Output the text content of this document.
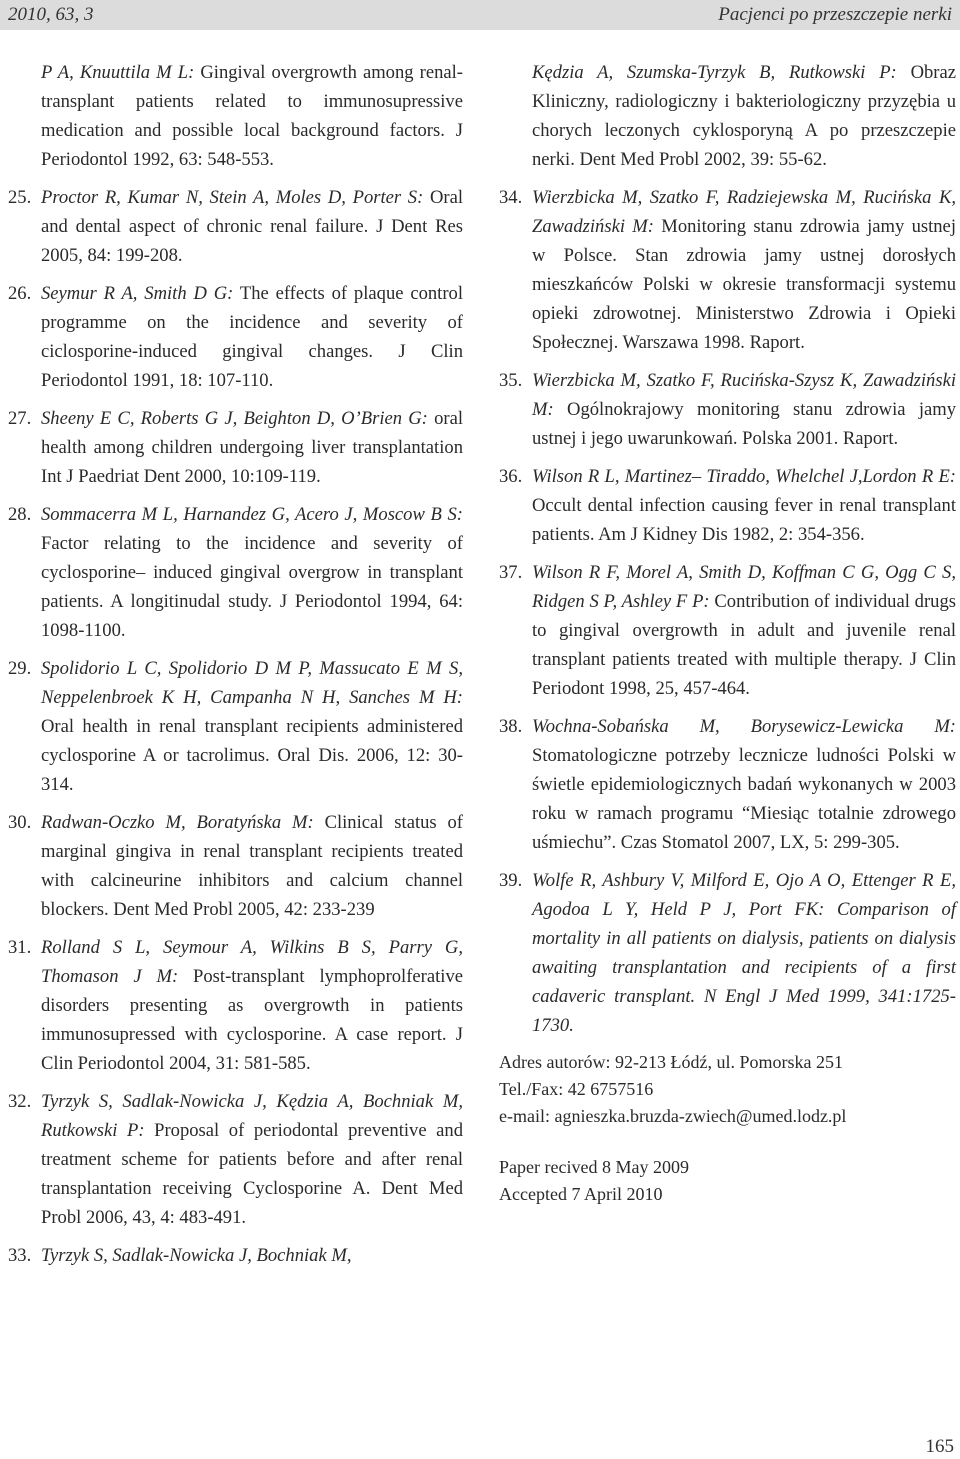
2010, 63, 3	Pacjenci po przeszczepie nerki
P A, Knuuttila M L: Gingival overgrowth among renal-transplant patients related to immunosupressive medication and possible local background factors. J Periodontol 1992, 63: 548-553.
25. Proctor R, Kumar N, Stein A, Moles D, Porter S: Oral and dental aspect of chronic renal failure. J Dent Res 2005, 84: 199-208.
26. Seymur R A, Smith D G: The effects of plaque control programme on the incidence and severity of ciclosporine-induced gingival changes. J Clin Periodontol 1991, 18: 107-110.
27. Sheeny E C, Roberts G J, Beighton D, O’Brien G: oral health among children undergoing liver transplantation Int J Paedriat Dent 2000, 10:109-119.
28. Sommacerra M L, Harnandez G, Acero J, Moscow B S: Factor relating to the incidence and severity of cyclosporine– induced gingival overgrow in transplant patients. A longitinudal study. J Periodontol 1994, 64: 1098-1100.
29. Spolidorio L C, Spolidorio D M P, Massucato E M S, Neppelenbroek K H, Campanha N H, Sanches M H: Oral health in renal transplant recipients administered cyclosporine A or tacrolimus. Oral Dis. 2006, 12: 30-314.
30. Radwan-Oczko M, Boratyńska M: Clinical status of marginal gingiva in renal transplant recipients treated with calcineurine inhibitors and calcium channel blockers. Dent Med Probl 2005, 42: 233-239
31. Rolland S L, Seymour A, Wilkins B S, Parry G, Thomason J M: Post-transplant lymphoprolferative disorders presenting as overgrowth in patients immunosupressed with cyclosporine. A case report. J Clin Periodontol 2004, 31: 581-585.
32. Tyrzyk S, Sadlak-Nowicka J, Kędzia A, Bochniak M, Rutkowski P: Proposal of periodontal preventive and treatment scheme for patients before and after renal transplantation receiving Cyclosporine A. Dent Med Probl 2006, 43, 4: 483-491.
33. Tyrzyk S, Sadlak-Nowicka J, Bochniak M,
Kędzia A, Szumska-Tyrzyk B, Rutkowski P: Obraz Kliniczny, radiologiczny i bakteriologiczny przyzębia u chorych leczonych cyklosporyną A po przeszczepie nerki. Dent Med Probl 2002, 39: 55-62.
34. Wierzbicka M, Szatko F, Radziejewska M, Rucińska K, Zawadziński M: Monitoring stanu zdrowia jamy ustnej w Polsce. Stan zdrowia jamy ustnej dorosłych mieszkańców Polski w okresie transformacji systemu opieki zdrowotnej. Ministerstwo Zdrowia i Opieki Społecznej. Warszawa 1998. Raport.
35. Wierzbicka M, Szatko F, Rucińska-Szysz K, Zawadziński M: Ogólnokrajowy monitoring stanu zdrowia jamy ustnej i jego uwarunkowań. Polska 2001. Raport.
36. Wilson R L, Martinez– Tiraddo, Whelchel J,Lordon R E: Occult dental infection causing fever in renal transplant patients. Am J Kidney Dis 1982, 2: 354-356.
37. Wilson R F, Morel A, Smith D, Koffman C G, Ogg C S, Ridgen S P, Ashley F P: Contribution of individual drugs to gingival overgrowth in adult and juvenile renal transplant patients treated with multiple therapy. J Clin Periodont 1998, 25, 457-464.
38. Wochna-Sobańska M, Borysewicz-Lewicka M: Stomatologiczne potrzeby lecznicze ludności Polski w świetle epidemiologicznych badań wykonanych w 2003 roku w ramach programu “Miesiąc totalnie zdrowego uśmiechu”. Czas Stomatol 2007, LX, 5: 299-305.
39. Wolfe R, Ashbury V, Milford E, Ojo A O, Ettenger R E, Agodoa L Y, Held P J, Port FK: Comparison of mortality in all patients on dialysis, patients on dialysis awaiting transplantation and recipients of a first cadaveric transplant. N Engl J Med 1999, 341:1725-1730.
Adres autorów: 92-213 Łódź, ul. Pomorska 251
Tel./Fax: 42 6757516
e-mail: agnieszka.bruzda-zwiech@umed.lodz.pl
Paper recived 8 May 2009
Accepted 7 April 2010
165
